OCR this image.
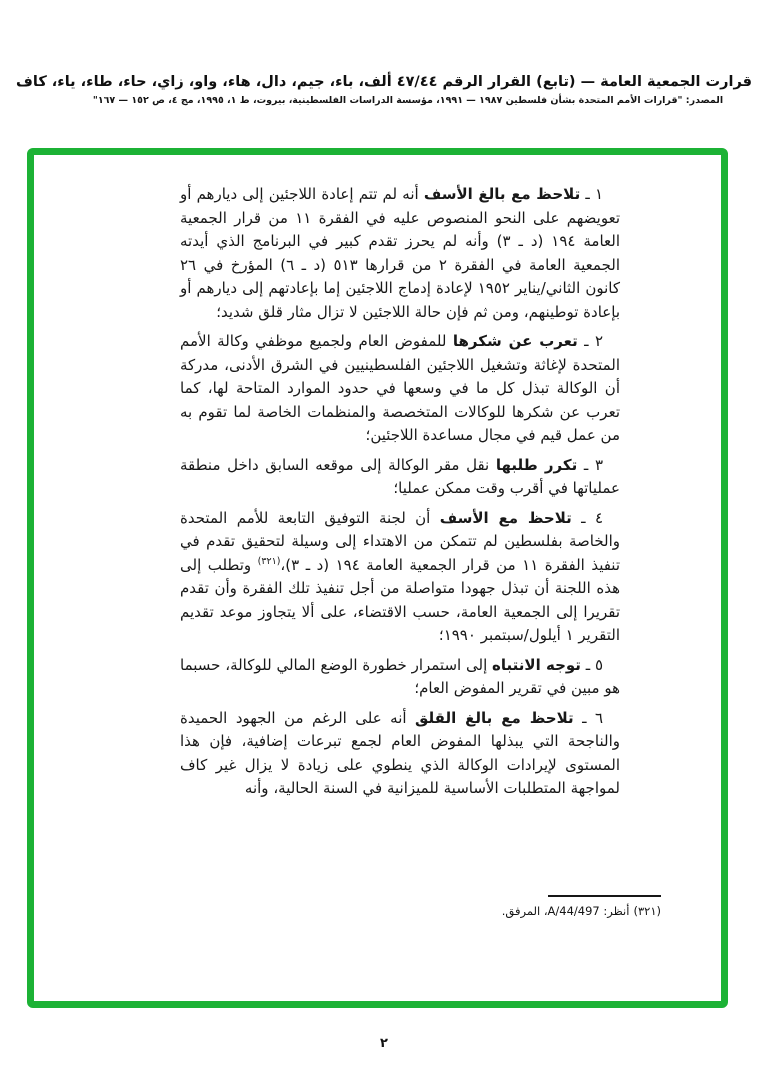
قرارت الجمعية العامة — (تابع) القرار الرقم ٤٧/٤٤ ألف، باء، جيم، دال، هاء، واو، زاي، حاء، طاء، ياء، كاف
المصدر: "قرارات الأمم المتحدة بشأن فلسطين ١٩٨٧ — ١٩٩١، مؤسسة الدراسات الفلسطينية، بيروت، ط ١، ١٩٩٥، مج ٤، ص ١٥٢ — ١٦٧"

١ ـ تلاحظ مع بالغ الأسف أنه لم تتم إعادة اللاجئين إلى ديارهم أو تعويضهم على النحو المنصوص عليه في الفقرة ١١ من قرار الجمعية العامة ١٩٤ (د ـ ٣) وأنه لم يحرز تقدم كبير في البرنامج الذي أيدته الجمعية العامة في الفقرة ٢ من قرارها ٥١٣ (د ـ ٦) المؤرخ في ٢٦ كانون الثاني/يناير ١٩٥٢ لإعادة إدماج اللاجئين إما بإعادتهم إلى ديارهم أو بإعادة توطينهم، ومن ثم فإن حالة اللاجئين لا تزال مثار قلق شديد؛

٢ ـ تعرب عن شكرها للمفوض العام ولجميع موظفي وكالة الأمم المتحدة لإغاثة وتشغيل اللاجئين الفلسطينيين في الشرق الأدنى، مدركة أن الوكالة تبذل كل ما في وسعها في حدود الموارد المتاحة لها، كما تعرب عن شكرها للوكالات المتخصصة والمنظمات الخاصة لما تقوم به من عمل قيم في مجال مساعدة اللاجئين؛

٣ ـ تكرر طلبها نقل مقر الوكالة إلى موقعه السابق داخل منطقة عملياتها في أقرب وقت ممكن عمليا؛

٤ ـ تلاحظ مع الأسف أن لجنة التوفيق التابعة للأمم المتحدة والخاصة بفلسطين لم تتمكن من الاهتداء إلى وسيلة لتحقيق تقدم في تنفيذ الفقرة ١١ من قرار الجمعية العامة ١٩٤ (د ـ ٣)،$^{(٣٢١)}$ وتطلب إلى هذه اللجنة أن تبذل جهودا متواصلة من أجل تنفيذ تلك الفقرة وأن تقدم تقريرا إلى الجمعية العامة، حسب الاقتضاء، على ألا يتجاوز موعد تقديم التقرير ١ أيلول/سبتمبر ١٩٩٠؛

٥ ـ توجه الانتباه إلى استمرار خطورة الوضع المالي للوكالة، حسبما هو مبين في تقرير المفوض العام؛

٦ ـ تلاحظ مع بالغ القلق أنه على الرغم من الجهود الحميدة والناجحة التي يبذلها المفوض العام لجمع تبرعات إضافية، فإن هذا المستوى لإيرادات الوكالة الذي ينطوي على زيادة لا يزال غير كاف لمواجهة المتطلبات الأساسية للميزانية في السنة الحالية، وأنه

(٣٢١)أنظر: A/44/497، المرفق.
٢
